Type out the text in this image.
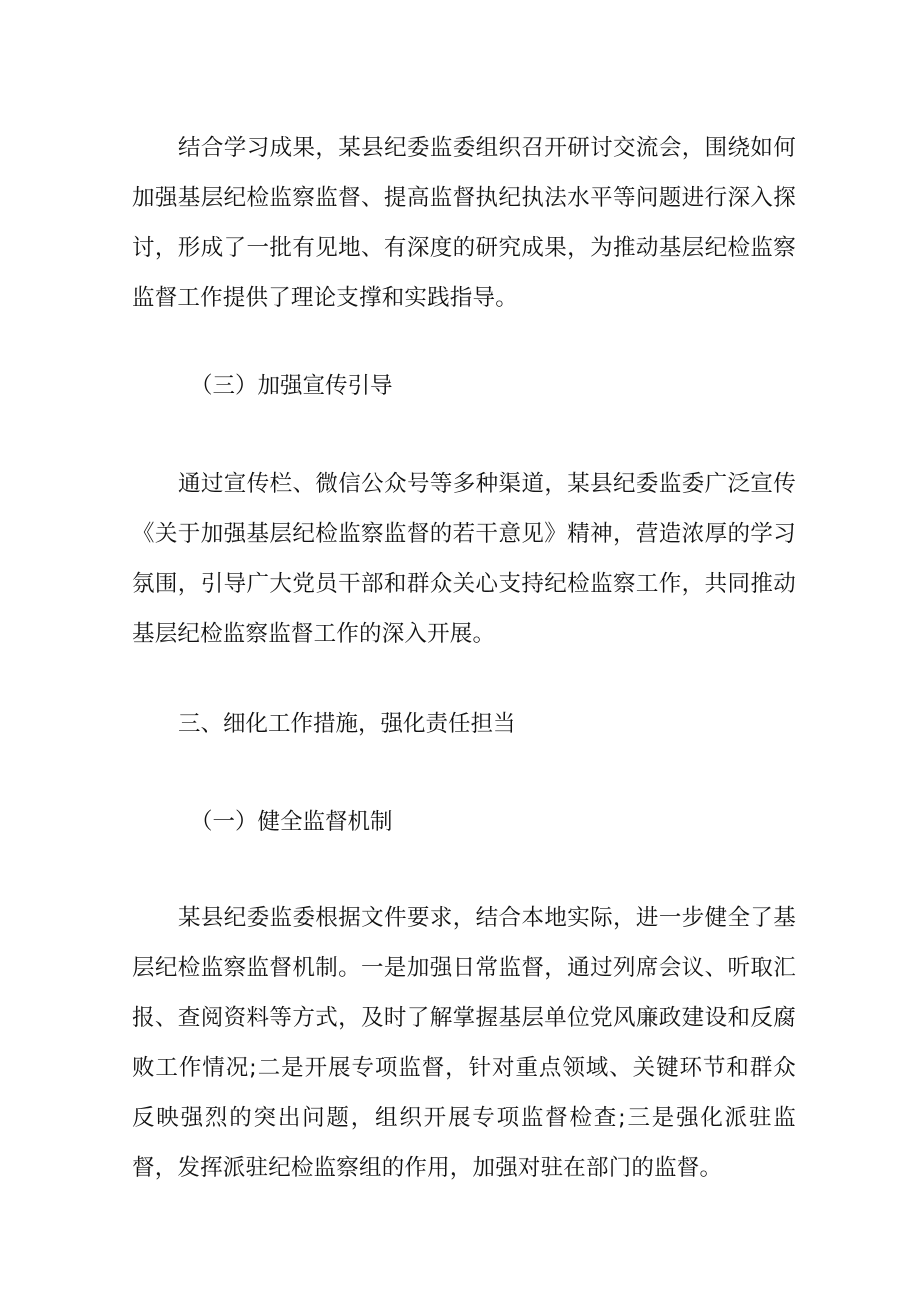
结合学习成果，某县纪委监委组织召开研讨交流会，围绕如何加强基层纪检监察监督、提高监督执纪执法水平等问题进行深入探讨，形成了一批有见地、有深度的研究成果，为推动基层纪检监察监督工作提供了理论支撑和实践指导。

（三）加强宣传引导

通过宣传栏、微信公众号等多种渠道，某县纪委监委广泛宣传《关于加强基层纪检监察监督的若干意见》精神，营造浓厚的学习氛围，引导广大党员干部和群众关心支持纪检监察工作，共同推动基层纪检监察监督工作的深入开展。

三、细化工作措施，强化责任担当

（一）健全监督机制

某县纪委监委根据文件要求，结合本地实际，进一步健全了基层纪检监察监督机制。一是加强日常监督，通过列席会议、听取汇报、查阅资料等方式，及时了解掌握基层单位党风廉政建设和反腐败工作情况;二是开展专项监督，针对重点领域、关键环节和群众反映强烈的突出问题，组织开展专项监督检查;三是强化派驻监督，发挥派驻纪检监察组的作用，加强对驻在部门的监督。
